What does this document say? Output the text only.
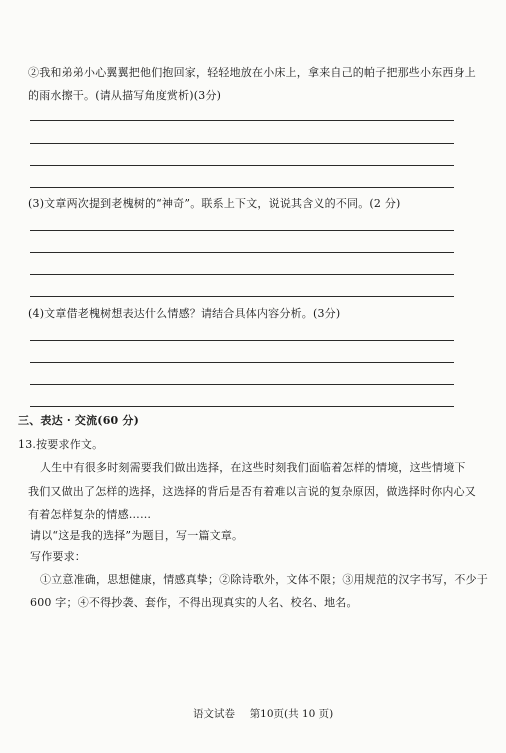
②我和弟弟小心翼翼把他们抱回家，轻轻地放在小床上，拿来自己的帕子把那些小东西身上
的雨水擦干。(请从描写角度赏析)(3分)
(3)文章两次提到老槐树的“神奇”。联系上下文，说说其含义的不同。(2 分)
(4)文章借老槐树想表达什么情感？请结合具体内容分析。(3分)
三、表达 · 交流(60 分)
13.按要求作文。
人生中有很多时刻需要我们做出选择，在这些时刻我们面临着怎样的情境，这些情境下
我们又做出了怎样的选择，这选择的背后是否有着难以言说的复杂原因，做选择时你内心又
有着怎样复杂的情感……
请以“这是我的选择”为题目，写一篇文章。
写作要求：
①立意准确，思想健康，情感真挚；②除诗歌外，文体不限；③用规范的汉字书写，不少于
600 字；④不得抄袭、套作，不得出现真实的人名、校名、地名。
语文试卷 第10页(共 10 页)
